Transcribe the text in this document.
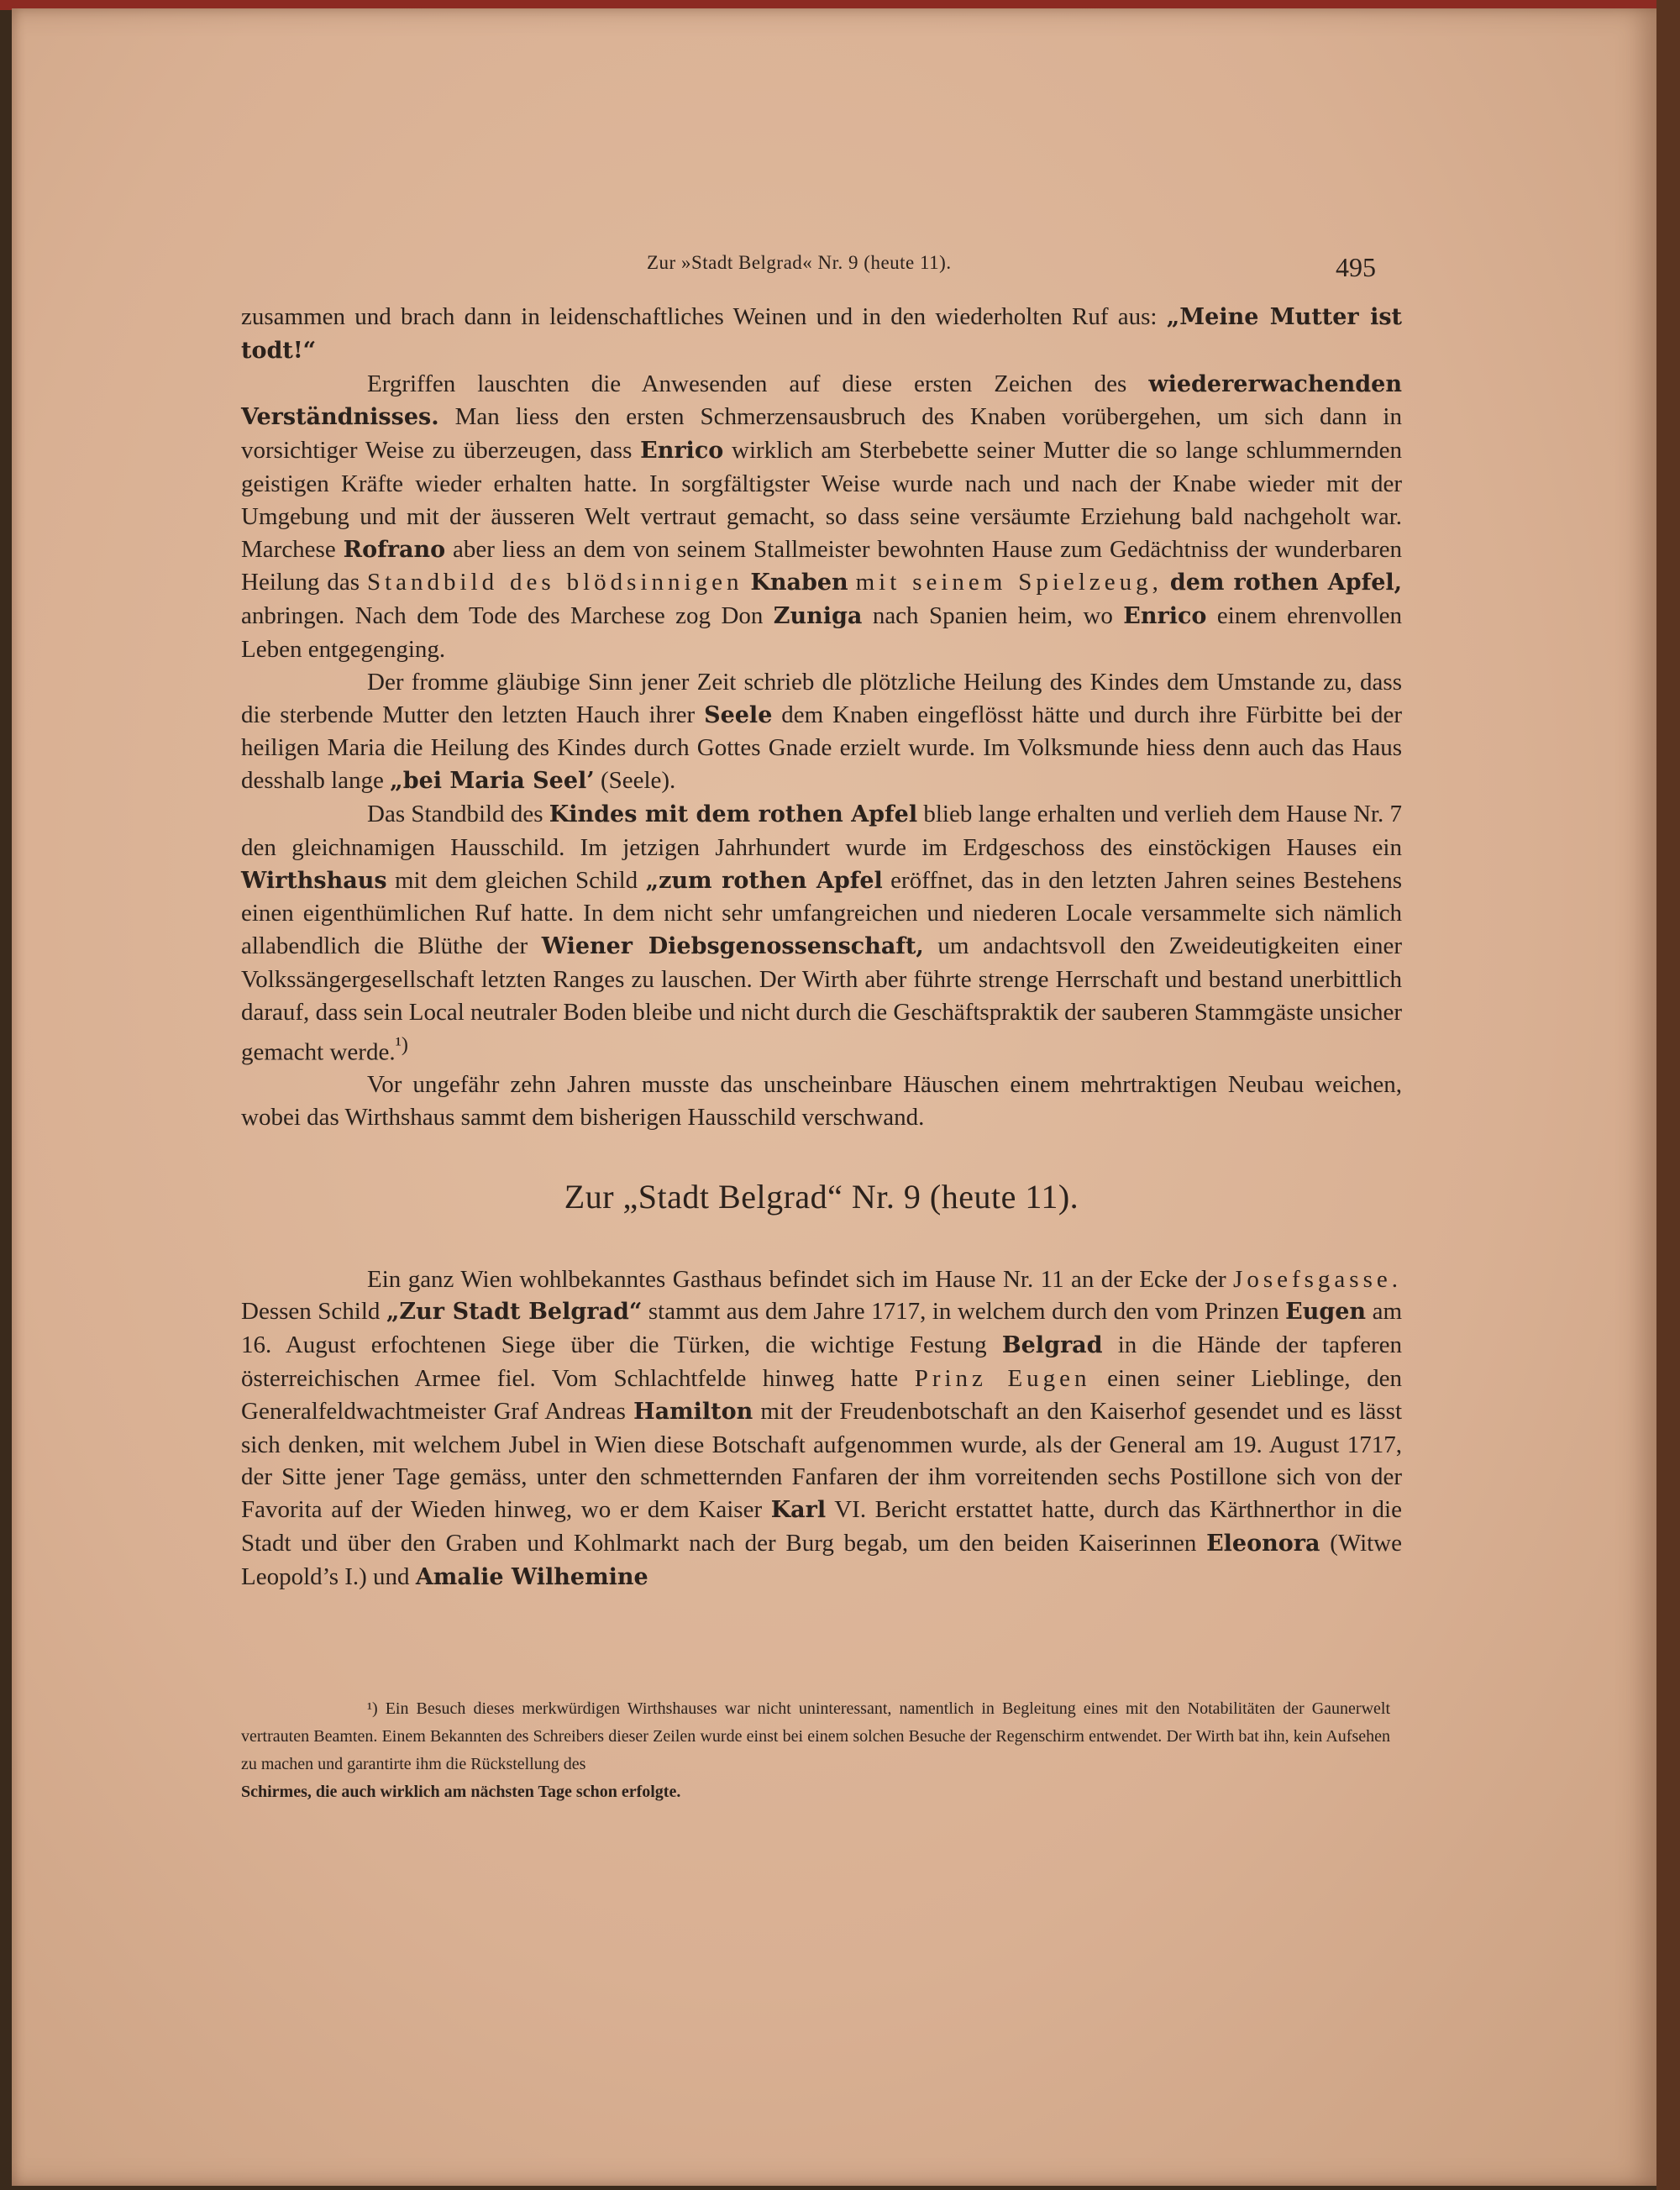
Zur »Stadt Belgrad« Nr. 9 (heute 11).	495

zusammen und brach dann in leidenschaftliches Weinen und in den wiederholten Ruf aus: „Meine Mutter ist todt!“

Ergriffen lauschten die Anwesenden auf diese ersten Zeichen des wiedererwachenden Verständnisses. Man liess den ersten Schmerzensausbruch des Knaben vorübergehen, um sich dann in vorsichtiger Weise zu überzeugen, dass Enrico wirklich am Sterbebette seiner Mutter die so lange schlummernden geistigen Kräfte wieder erhalten hatte. In sorgfältigster Weise wurde nach und nach der Knabe wieder mit der Umgebung und mit der äusseren Welt vertraut gemacht, so dass seine versäumte Erziehung bald nachgeholt war. Marchese Rofrano aber liess an dem von seinem Stallmeister bewohnten Hause zum Gedächtniss der wunderbaren Heilung das Standbild des blödsinnigen Knaben mit seinem Spielzeug, dem rothen Apfel, anbringen. Nach dem Tode des Marchese zog Don Zuniga nach Spanien heim, wo Enrico einem ehrenvollen Leben entgegenging.

Der fromme gläubige Sinn jener Zeit schrieb dle plötzliche Heilung des Kindes dem Umstande zu, dass die sterbende Mutter den letzten Hauch ihrer Seele dem Knaben eingeflösst hätte und durch ihre Fürbitte bei der heiligen Maria die Heilung des Kindes durch Gottes Gnade erzielt wurde. Im Volksmunde hiess denn auch das Haus desshalb lange „bei Maria Seel’ (Seele).

Das Standbild des Kindes mit dem rothen Apfel blieb lange erhalten und verlieh dem Hause Nr. 7 den gleichnamigen Hausschild. Im jetzigen Jahrhundert wurde im Erdgeschoss des einstöckigen Hauses ein Wirthshaus mit dem gleichen Schild „zum rothen Apfel eröffnet, das in den letzten Jahren seines Bestehens einen eigenthümlichen Ruf hatte. In dem nicht sehr umfangreichen und niederen Locale versammelte sich nämlich allabendlich die Blüthe der Wiener Diebsgenossenschaft, um andachtsvoll den Zweideutigkeiten einer Volkssängergesellschaft letzten Ranges zu lauschen. Der Wirth aber führte strenge Herrschaft und bestand unerbittlich darauf, dass sein Local neutraler Boden bleibe und nicht durch die Geschäftspraktik der sauberen Stammgäste unsicher gemacht werde.$^{^1)}$

Vor ungefähr zehn Jahren musste das unscheinbare Häuschen einem mehrtraktigen Neubau weichen, wobei das Wirthshaus sammt dem bisherigen Hausschild verschwand.

Zur „Stadt Belgrad“ Nr. 9 (heute 11).

Ein ganz Wien wohlbekanntes Gasthaus befindet sich im Hause Nr. 11 an der Ecke der Josefsgasse. Dessen Schild „Zur Stadt Belgrad“ stammt aus dem Jahre 1717, in welchem durch den vom Prinzen Eugen am 16. August erfochtenen Siege über die Türken, die wichtige Festung Belgrad in die Hände der tapferen österreichischen Armee fiel. Vom Schlachtfelde hinweg hatte Prinz Eugen einen seiner Lieblinge, den Generalfeldwachtmeister Graf Andreas Hamilton mit der Freudenbotschaft an den Kaiserhof gesendet und es lässt sich denken, mit welchem Jubel in Wien diese Botschaft aufgenommen wurde, als der General am 19. August 1717, der Sitte jener Tage gemäss, unter den schmetternden Fanfaren der ihm vorreitenden sechs Postillone sich von der Favorita auf der Wieden hinweg, wo er dem Kaiser Karl VI. Bericht erstattet hatte, durch das Kärthnerthor in die Stadt und über den Graben und Kohlmarkt nach der Burg begab, um den beiden Kaiserinnen Eleonora (Witwe Leopold’s I.) und Amalie Wilhemine

¹) Ein Besuch dieses merkwürdigen Wirthshauses war nicht uninteressant, namentlich in Begleitung eines mit den Notabilitäten der Gaunerwelt vertrauten Beamten. Einem Bekannten des Schreibers dieser Zeilen wurde einst bei einem solchen Besuche der Regenschirm entwendet. Der Wirth bat ihn, kein Aufsehen zu machen und garantirte ihm die Rückstellung des

Schirmes, die auch wirklich am nächsten Tage schon erfolgte.
